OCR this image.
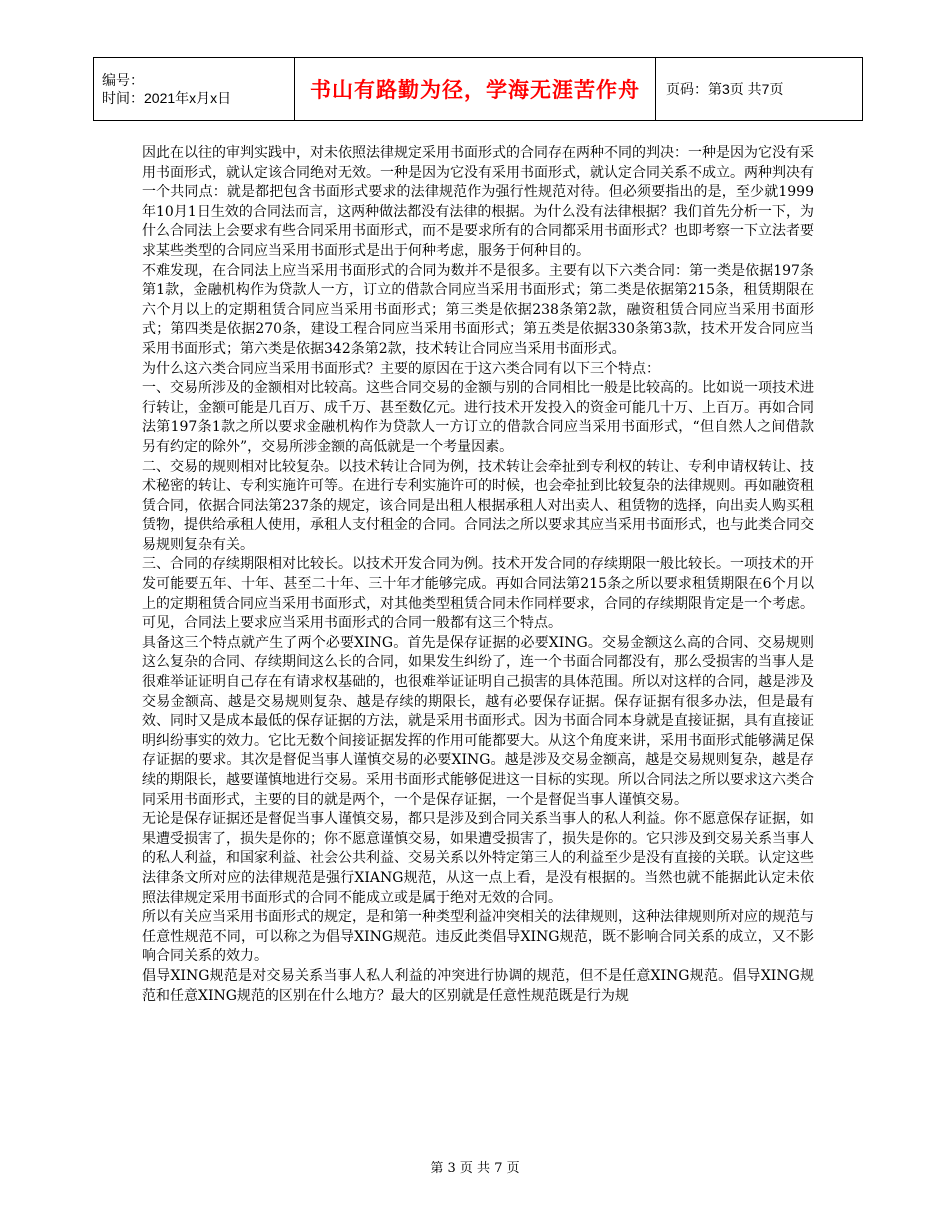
编号：
时间：2021年x月x日	书山有路勤为径，学海无涯苦作舟	页码：第3页 共7页

因此在以往的审判实践中，对未依照法律规定采用书面形式的合同存在两种不同的判决：一种是因为它没有采用书面形式，就认定该合同绝对无效。一种是因为它没有采用书面形式，就认定合同关系不成立。两种判决有一个共同点：就是都把包含书面形式要求的法律规范作为强行性规范对待。但必须要指出的是，至少就1999年10月1日生效的合同法而言，这两种做法都没有法律的根据。为什么没有法律根据？我们首先分析一下，为什么合同法上会要求有些合同采用书面形式，而不是要求所有的合同都采用书面形式？也即考察一下立法者要求某些类型的合同应当采用书面形式是出于何种考虑，服务于何种目的。

不难发现，在合同法上应当采用书面形式的合同为数并不是很多。主要有以下六类合同：第一类是依据197条第1款，金融机构作为贷款人一方，订立的借款合同应当采用书面形式；第二类是依据第215条，租赁期限在六个月以上的定期租赁合同应当采用书面形式；第三类是依据238条第2款，融资租赁合同应当采用书面形式；第四类是依据270条，建设工程合同应当采用书面形式；第五类是依据330条第3款，技术开发合同应当采用书面形式；第六类是依据342条第2款，技术转让合同应当采用书面形式。

为什么这六类合同应当采用书面形式？主要的原因在于这六类合同有以下三个特点：

一、交易所涉及的金额相对比较高。这些合同交易的金额与别的合同相比一般是比较高的。比如说一项技术进行转让，金额可能是几百万、成千万、甚至数亿元。进行技术开发投入的资金可能几十万、上百万。再如合同法第197条1款之所以要求金融机构作为贷款人一方订立的借款合同应当采用书面形式，“但自然人之间借款另有约定的除外”，交易所涉金额的高低就是一个考量因素。

二、交易的规则相对比较复杂。以技术转让合同为例，技术转让会牵扯到专利权的转让、专利申请权转让、技术秘密的转让、专利实施许可等。在进行专利实施许可的时候，也会牵扯到比较复杂的法律规则。再如融资租赁合同，依据合同法第237条的规定，该合同是出租人根据承租人对出卖人、租赁物的选择，向出卖人购买租赁物，提供给承租人使用，承租人支付租金的合同。合同法之所以要求其应当采用书面形式，也与此类合同交易规则复杂有关。

三、合同的存续期限相对比较长。以技术开发合同为例。技术开发合同的存续期限一般比较长。一项技术的开发可能要五年、十年、甚至二十年、三十年才能够完成。再如合同法第215条之所以要求租赁期限在6个月以上的定期租赁合同应当采用书面形式，对其他类型租赁合同未作同样要求，合同的存续期限肯定是一个考虑。可见，合同法上要求应当采用书面形式的合同一般都有这三个特点。

具备这三个特点就产生了两个必要XING。首先是保存证据的必要XING。交易金额这么高的合同、交易规则这么复杂的合同、存续期间这么长的合同，如果发生纠纷了，连一个书面合同都没有，那么受损害的当事人是很难举证证明自己存在有请求权基础的，也很难举证证明自己损害的具体范围。所以对这样的合同，越是涉及交易金额高、越是交易规则复杂、越是存续的期限长，越有必要保存证据。保存证据有很多办法，但是最有效、同时又是成本最低的保存证据的方法，就是采用书面形式。因为书面合同本身就是直接证据，具有直接证明纠纷事实的效力。它比无数个间接证据发挥的作用可能都要大。从这个角度来讲，采用书面形式能够满足保存证据的要求。其次是督促当事人谨慎交易的必要XING。越是涉及交易金额高，越是交易规则复杂，越是存续的期限长，越要谨慎地进行交易。采用书面形式能够促进这一目标的实现。所以合同法之所以要求这六类合同采用书面形式，主要的目的就是两个，一个是保存证据，一个是督促当事人谨慎交易。

无论是保存证据还是督促当事人谨慎交易，都只是涉及到合同关系当事人的私人利益。你不愿意保存证据，如果遭受损害了，损失是你的；你不愿意谨慎交易，如果遭受损害了，损失是你的。它只涉及到交易关系当事人的私人利益，和国家利益、社会公共利益、交易关系以外特定第三人的利益至少是没有直接的关联。认定这些法律条文所对应的法律规范是强行XIANG规范，从这一点上看，是没有根据的。当然也就不能据此认定未依照法律规定采用书面形式的合同不能成立或是属于绝对无效的合同。

所以有关应当采用书面形式的规定，是和第一种类型利益冲突相关的法律规则，这种法律规则所对应的规范与任意性规范不同，可以称之为倡导XING规范。违反此类倡导XING规范，既不影响合同关系的成立，又不影响合同关系的效力。

倡导XING规范是对交易关系当事人私人利益的冲突进行协调的规范，但不是任意XING规范。倡导XING规范和任意XING规范的区别在什么地方？最大的区别就是任意性规范既是行为规

第 3 页 共 7 页
